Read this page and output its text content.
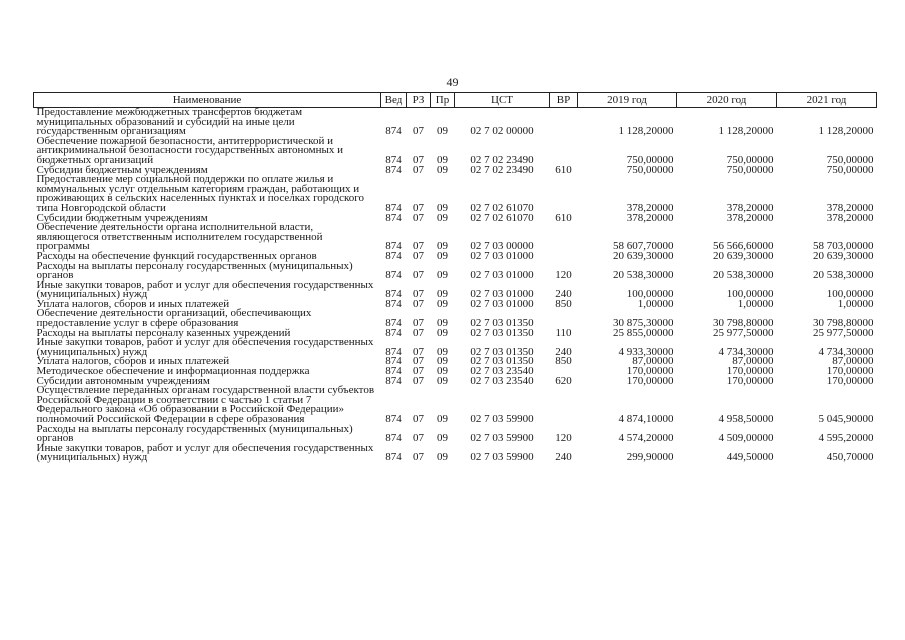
49
Наименование	Вед	РЗ	Пр	ЦСТ	ВР	2019 год	2020 год	2021 год
Предоставление межбюджетных трансфертов бюджетам муниципальных образований и субсидий на иные цели государственным организациям	874	07	09	02 7 02 00000		1 128,20000	1 128,20000	1 128,20000
Обеспечение пожарной безопасности, антитеррористической и антикриминальной безопасности государственных автономных и бюджетных организаций	874	07	09	02 7 02 23490		750,00000	750,00000	750,00000
Субсидии бюджетным учреждениям	874	07	09	02 7 02 23490	610	750,00000	750,00000	750,00000
Предоставление мер социальной поддержки по оплате жилья и коммунальных услуг отдельным категориям граждан, работающих и проживающих в сельских населенных пунктах и поселках городского типа Новгородской области	874	07	09	02 7 02 61070		378,20000	378,20000	378,20000
Субсидии бюджетным учреждениям	874	07	09	02 7 02 61070	610	378,20000	378,20000	378,20000
Обеспечение деятельности органа исполнительной власти, являющегося ответственным исполнителем государственной программы	874	07	09	02 7 03 00000		58 607,70000	56 566,60000	58 703,00000
Расходы на обеспечение функций государственных органов	874	07	09	02 7 03 01000		20 639,30000	20 639,30000	20 639,30000
Расходы на выплаты персоналу государственных (муниципальных) органов	874	07	09	02 7 03 01000	120	20 538,30000	20 538,30000	20 538,30000
Иные закупки товаров, работ и услуг для обеспечения государственных (муниципальных) нужд	874	07	09	02 7 03 01000	240	100,00000	100,00000	100,00000
Уплата налогов, сборов и иных платежей	874	07	09	02 7 03 01000	850	1,00000	1,00000	1,00000
Обеспечение деятельности организаций, обеспечивающих предоставление услуг в сфере образования	874	07	09	02 7 03 01350		30 875,30000	30 798,80000	30 798,80000
Расходы на выплаты персоналу казенных учреждений	874	07	09	02 7 03 01350	110	25 855,00000	25 977,50000	25 977,50000
Иные закупки товаров, работ и услуг для обеспечения государственных (муниципальных) нужд	874	07	09	02 7 03 01350	240	4 933,30000	4 734,30000	4 734,30000
Уплата налогов, сборов и иных платежей	874	07	09	02 7 03 01350	850	87,00000	87,00000	87,00000
Методическое обеспечение и информационная поддержка	874	07	09	02 7 03 23540		170,00000	170,00000	170,00000
Субсидии автономным учреждениям	874	07	09	02 7 03 23540	620	170,00000	170,00000	170,00000
Осуществление переданных органам государственной власти субъектов Российской Федерации в соответствии с частью 1 статьи 7 Федерального закона «Об образовании в Российской Федерации» полномочий Российской Федерации в сфере образования	874	07	09	02 7 03 59900		4 874,10000	4 958,50000	5 045,90000
Расходы на выплаты персоналу государственных (муниципальных) органов	874	07	09	02 7 03 59900	120	4 574,20000	4 509,00000	4 595,20000
Иные закупки товаров, работ и услуг для обеспечения государственных (муниципальных) нужд	874	07	09	02 7 03 59900	240	299,90000	449,50000	450,70000
